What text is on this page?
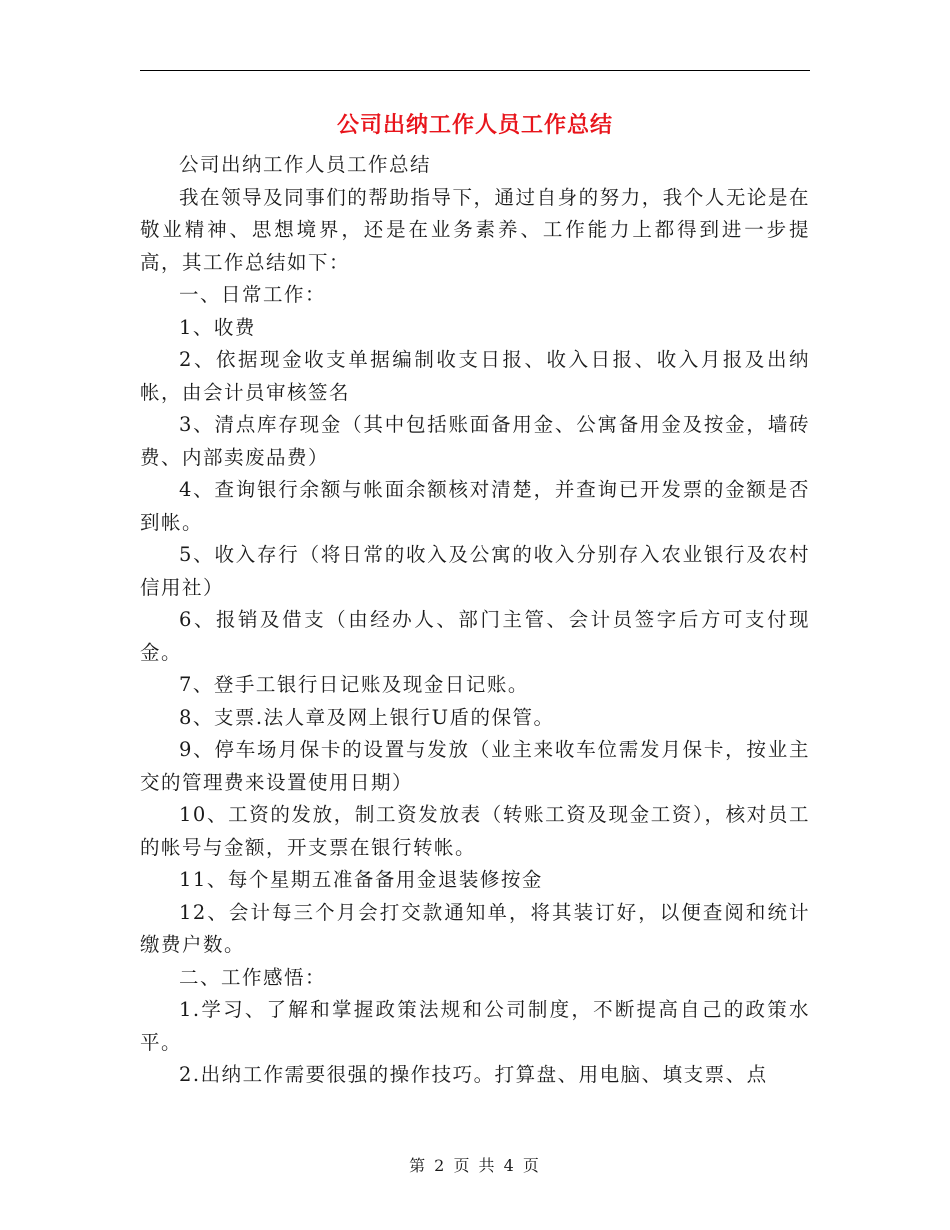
公司出纳工作人员工作总结

公司出纳工作人员工作总结

我在领导及同事们的帮助指导下，通过自身的努力，我个人无论是在敬业精神、思想境界，还是在业务素养、工作能力上都得到进一步提高，其工作总结如下：

一、日常工作：

1、收费

2、依据现金收支单据编制收支日报、收入日报、收入月报及出纳帐，由会计员审核签名

3、清点库存现金（其中包括账面备用金、公寓备用金及按金，墙砖费、内部卖废品费）

4、查询银行余额与帐面余额核对清楚，并查询已开发票的金额是否到帐。

5、收入存行（将日常的收入及公寓的收入分别存入农业银行及农村信用社）

6、报销及借支（由经办人、部门主管、会计员签字后方可支付现金。

7、登手工银行日记账及现金日记账。

8、支票.法人章及网上银行U盾的保管。

9、停车场月保卡的设置与发放（业主来收车位需发月保卡，按业主交的管理费来设置使用日期）

10、工资的发放，制工资发放表（转账工资及现金工资），核对员工的帐号与金额，开支票在银行转帐。

11、每个星期五准备备用金退装修按金

12、会计每三个月会打交款通知单，将其装订好，以便查阅和统计缴费户数。

二、工作感悟：

1.学习、了解和掌握政策法规和公司制度，不断提高自己的政策水平。

2.出纳工作需要很强的操作技巧。打算盘、用电脑、填支票、点

第 2 页 共 4 页
